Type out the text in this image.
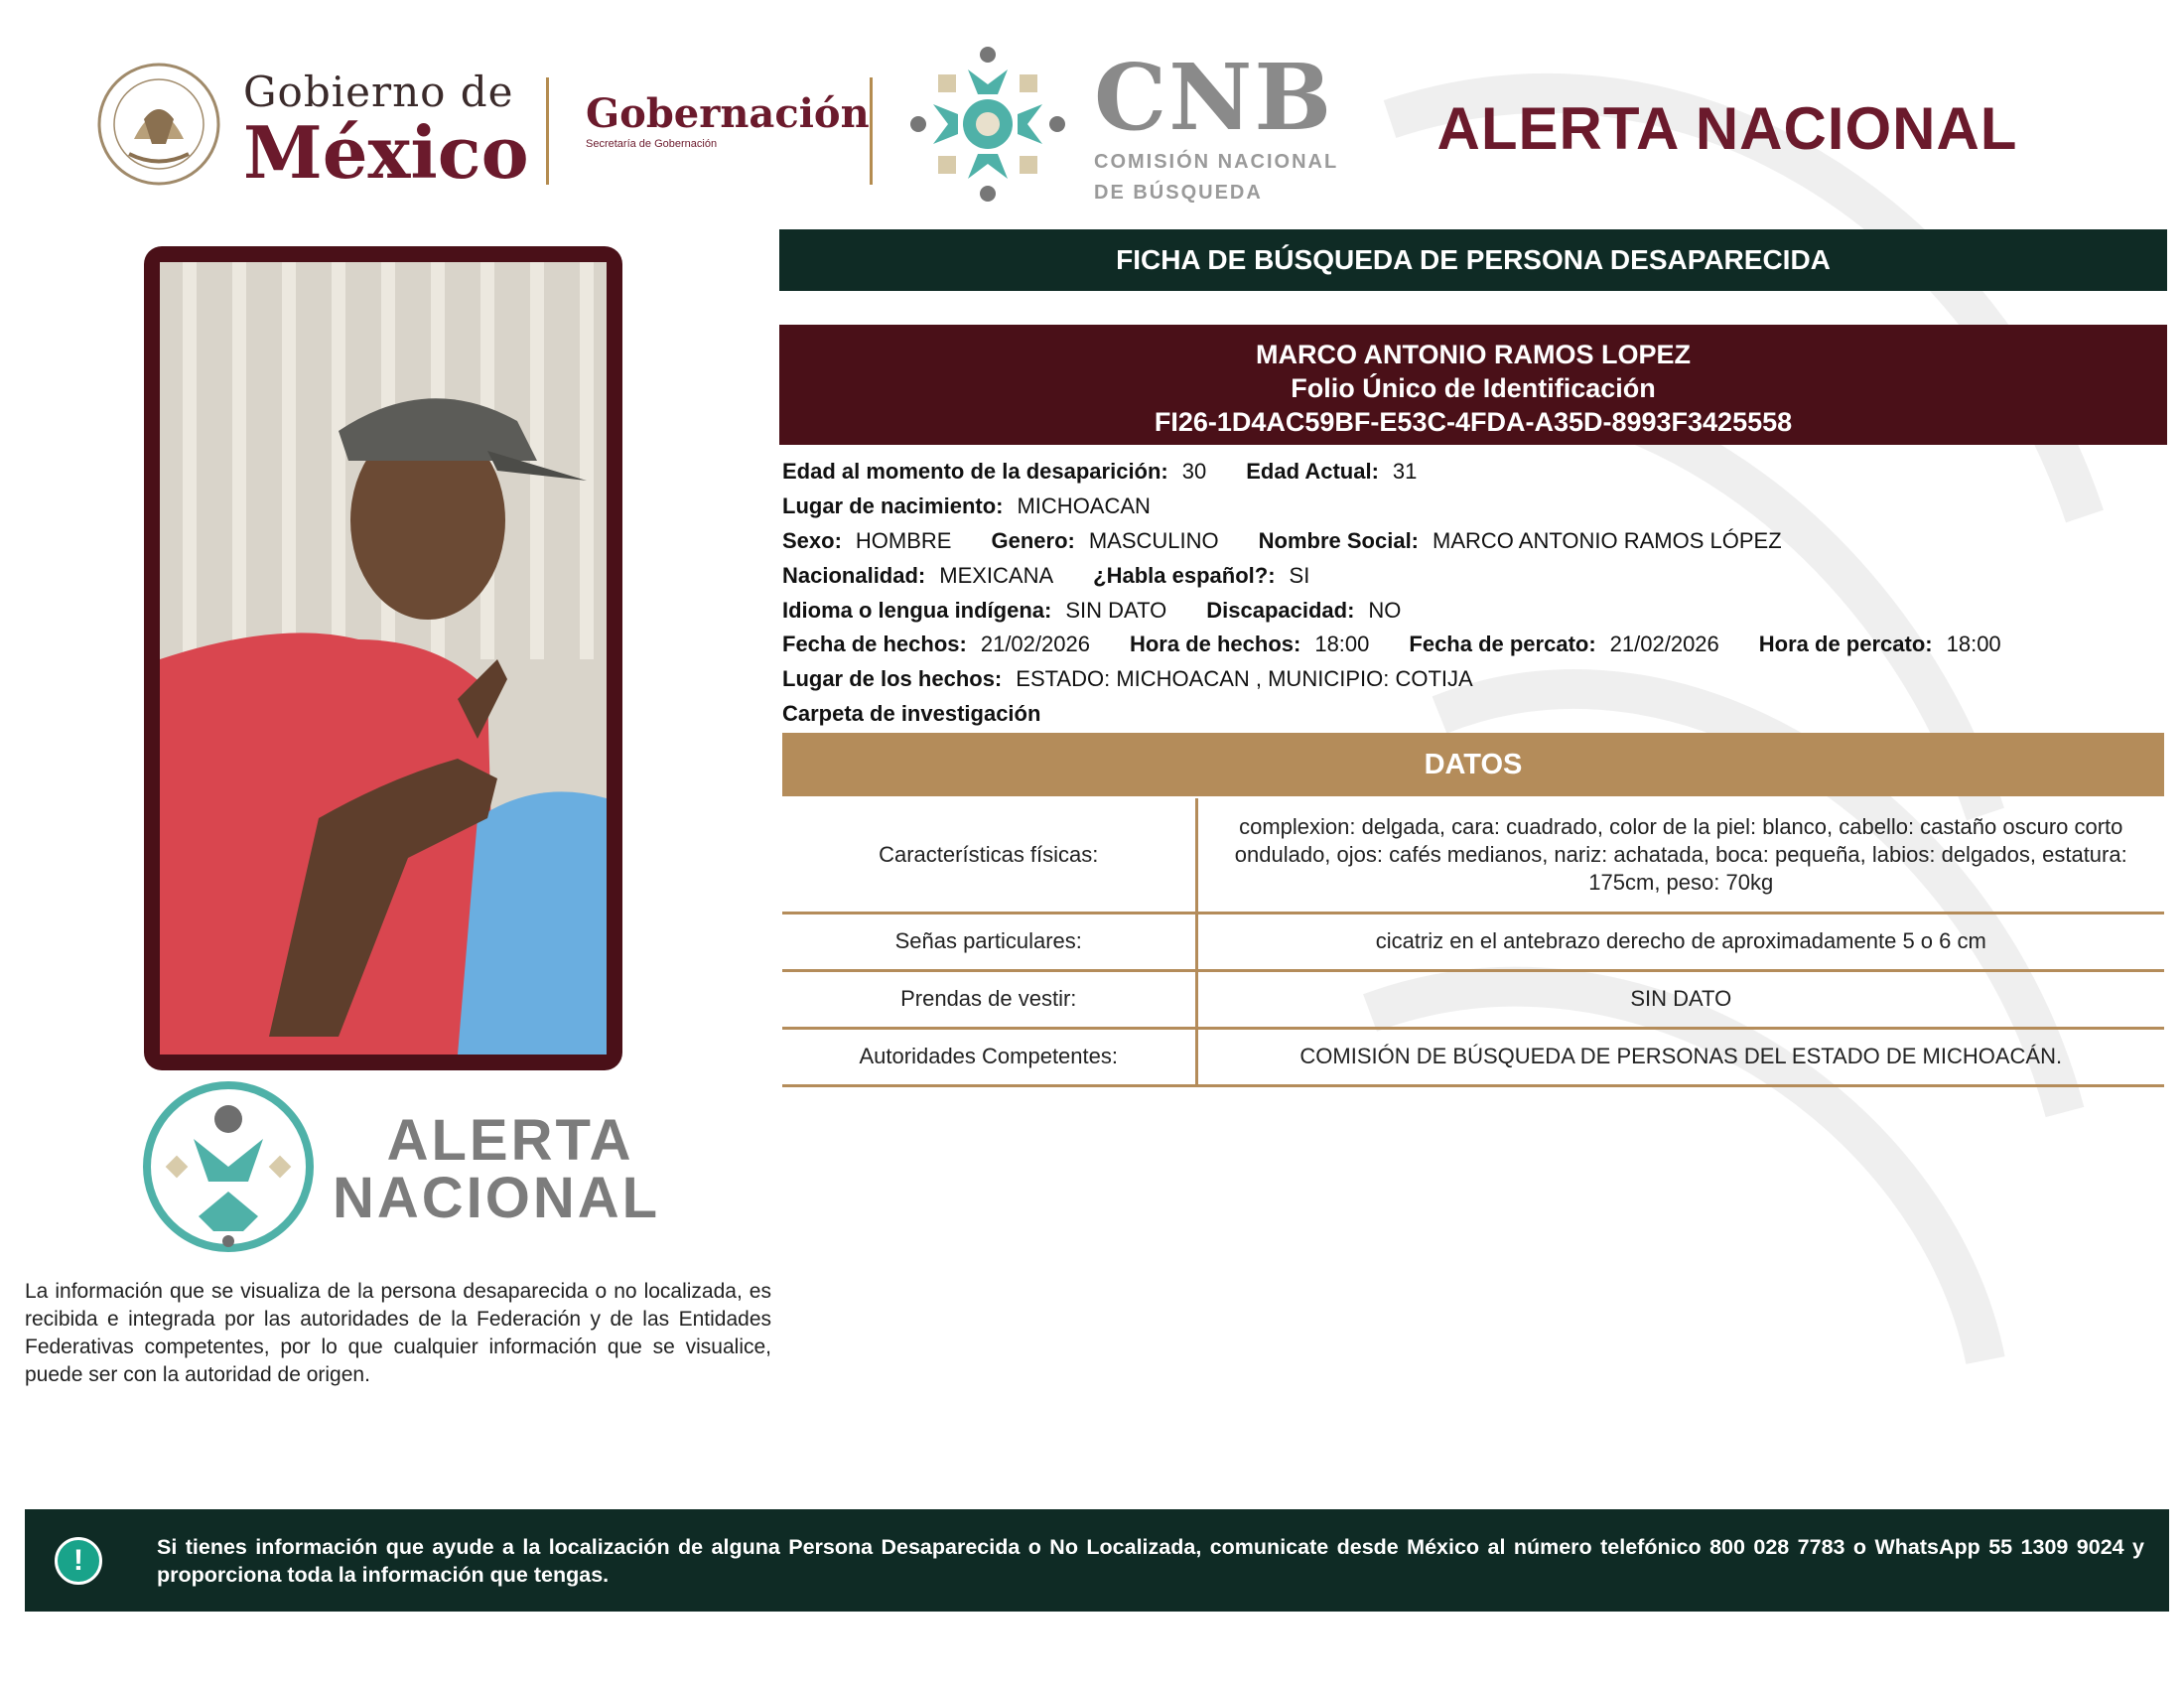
Gobierno de
México Gobernación
Secretaría de Gobernación	CNB
COMISIÓN NACIONAL
DE BÚSQUEDA
ALERTA NACIONAL
ALERTA
NACIONAL
La información que se visualiza de la persona desaparecida o no localizada, es recibida e integrada por las autoridades de la Federación y de las Entidades Federativas competentes, por lo que cualquier información que se visualice, puede ser con la autoridad de origen.
FICHA DE BÚSQUEDA DE PERSONA DESAPARECIDA
MARCO ANTONIO RAMOS LOPEZ
Folio Único de Identificación
FI26-1D4AC59BF-E53C-4FDA-A35D-8993F3425558
Edad al momento de la desaparición: 30 Edad Actual: 31
Lugar de nacimiento: MICHOACAN
Sexo: HOMBRE Genero: MASCULINO Nombre Social: MARCO ANTONIO RAMOS LÓPEZ
Nacionalidad: MEXICANA ¿Habla español?: SI
Idioma o lengua indígena: SIN DATO Discapacidad: NO
Fecha de hechos: 21/02/2026 Hora de hechos: 18:00 Fecha de percato: 21/02/2026 Hora de percato: 18:00
Lugar de los hechos: ESTADO: MICHOACAN , MUNICIPIO: COTIJA
Carpeta de investigación
DATOS
Características físicas:	complexion: delgada, cara: cuadrado, color de la piel: blanco, cabello: castaño oscuro corto ondulado, ojos: cafés medianos, nariz: achatada, boca: pequeña, labios: delgados, estatura: 175cm, peso: 70kg
Señas particulares:	cicatriz en el antebrazo derecho de aproximadamente 5 o 6 cm
Prendas de vestir:	SIN DATO
Autoridades Competentes:	COMISIÓN DE BÚSQUEDA DE PERSONAS DEL ESTADO DE MICHOACÁN.
!	Si tienes información que ayude a la localización de alguna Persona Desaparecida o No Localizada, comunicate desde México al número telefónico 800 028 7783 o WhatsApp 55 1309 9024 y proporciona toda la información que tengas.
